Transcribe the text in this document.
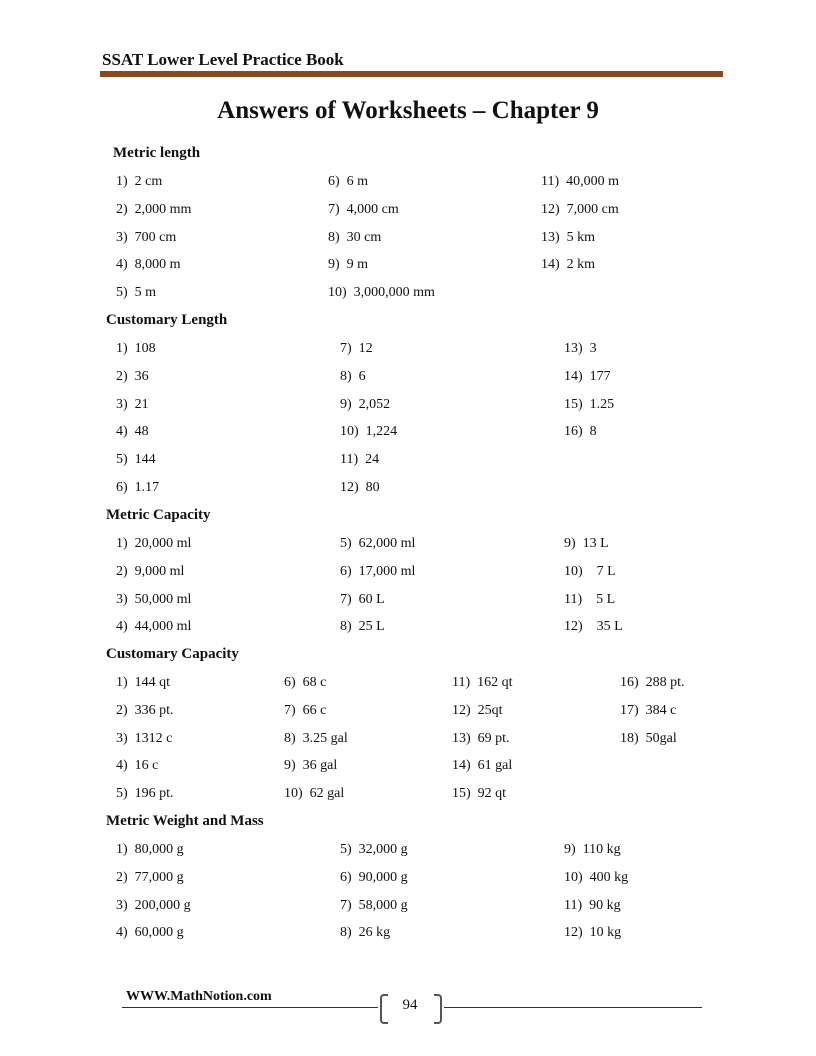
SSAT Lower Level Practice Book
Answers of Worksheets – Chapter 9
Metric length
1)  2 cm
2)  2,000 mm
3)  700 cm
4)  8,000 m
5)  5 m
6)  6 m
7)  4,000 cm
8)  30 cm
9)  9 m
10)  3,000,000 mm
11)  40,000 m
12)  7,000 cm
13)  5 km
14)  2 km
Customary Length
1)  108
2)  36
3)  21
4)  48
5)  144
6)  1.17
7)  12
8)  6
9)  2,052
10)  1,224
11)  24
12)  80
13)  3
14)  177
15)  1.25
16)  8
Metric Capacity
1)  20,000 ml
2)  9,000 ml
3)  50,000 ml
4)  44,000 ml
5)  62,000 ml
6)  17,000 ml
7)  60 L
8)  25 L
9)  13 L
10)    7 L
11)    5 L
12)    35 L
Customary Capacity
1)  144 qt
2)  336 pt.
3)  1312 c
4)  16 c
5)  196 pt.
6)  68 c
7)  66 c
8)  3.25 gal
9)  36 gal
10)  62 gal
11)  162 qt
12)  25qt
13)  69 pt.
14)  61 gal
15)  92 qt
16)  288 pt.
17)  384 c
18)  50gal
Metric Weight and Mass
1)  80,000 g
2)  77,000 g
3)  200,000 g
4)  60,000 g
5)  32,000 g
6)  90,000 g
7)  58,000 g
8)  26 kg
9)  110 kg
10)  400 kg
11)  90 kg
12)  10 kg
WWW.MathNotion.com
94
